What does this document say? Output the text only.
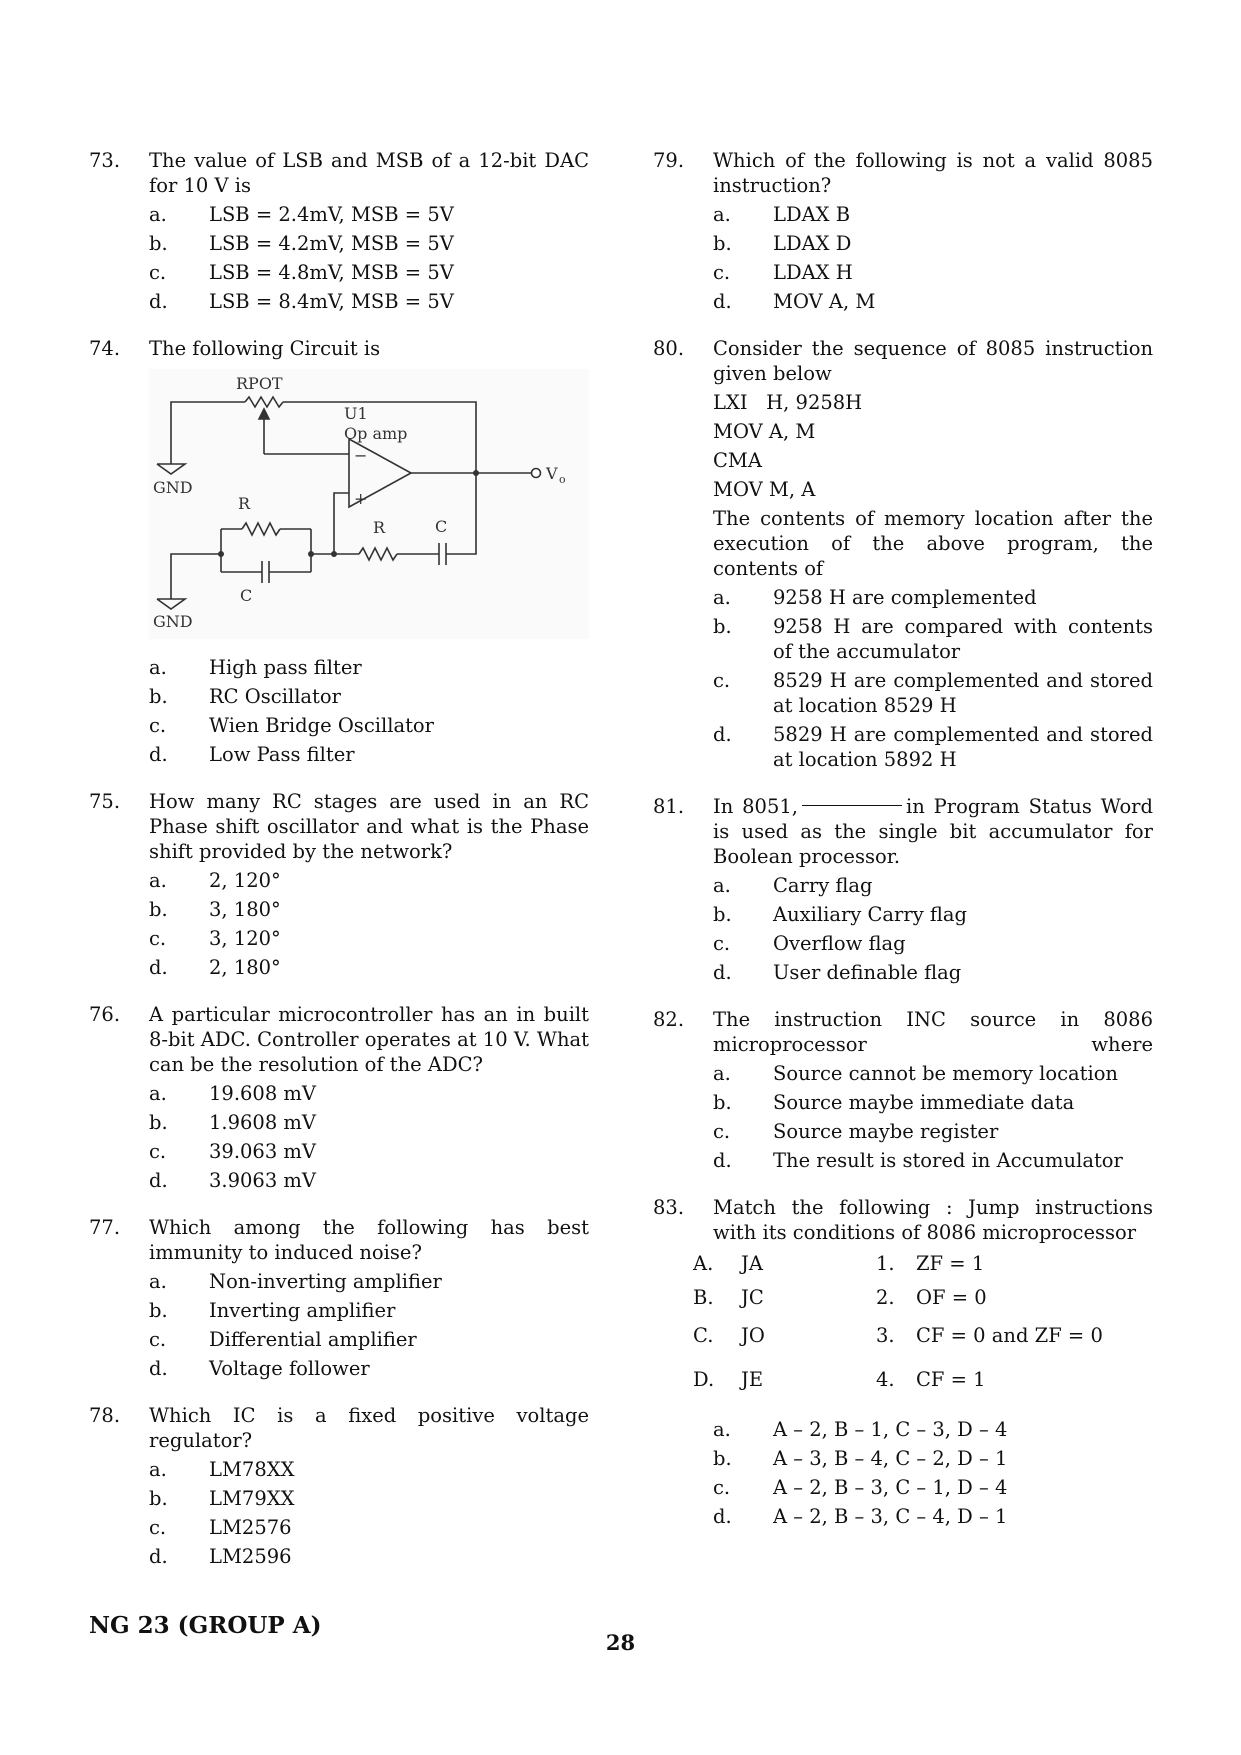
73. The value of LSB and MSB of a 12-bit DAC for 10 V is
a.	LSB = 2.4mV, MSB = 5V
b.	LSB = 4.2mV, MSB = 5V
c.	LSB = 4.8mV, MSB = 5V
d.	LSB = 8.4mV, MSB = 5V
74. The following Circuit is
RPOT
U1
Op amp
GND
GND
R
R	C
C
−
+
V o
a.	High pass filter
b.	RC Oscillator
c.	Wien Bridge Oscillator
d.	Low Pass filter
75. How many RC stages are used in an RC Phase shift oscillator and what is the Phase shift provided by the network?
a.	2, 120°
b.	3, 180°
c.	3, 120°
d.	2, 180°
76. A particular microcontroller has an in built 8-bit ADC. Controller operates at 10 V. What can be the resolution of the ADC?
a.	19.608 mV
b.	1.9608 mV
c.	39.063 mV
d.	3.9063 mV
77. Which among the following has best immunity to induced noise?
a.	Non-inverting amplifier
b.	Inverting amplifier
c.	Differential amplifier
d.	Voltage follower
78. Which IC is a fixed positive voltage regulator?
a.	LM78XX
b.	LM79XX
c.	LM2576
d.	LM2596
79. Which of the following is not a valid 8085 instruction?
a.	LDAX B
b.	LDAX D
c.	LDAX H
d.	MOV A, M
80. Consider the sequence of 8085 instruction given below
LXI   H, 9258H
MOV A, M
CMA
MOV M, A
The contents of memory location after the execution of the above program, the contents of
a.	9258 H are complemented
b.	9258 H are compared with contents of the accumulator
c.	8529 H are complemented and stored at location 8529 H
d.	5829 H are complemented and stored at location 5892 H
81. In 8051,	in Program Status Word is used as the single bit accumulator for Boolean processor.
a.	Carry flag
b.	Auxiliary Carry flag
c.	Overflow flag
d.	User definable flag
82. The instruction INC source in 8086 microprocessor where
a.	Source cannot be memory location
b.	Source maybe immediate data
c.	Source maybe register
d.	The result is stored in Accumulator
83. Match the following : Jump instructions with its conditions of 8086 microprocessor
A.	JA	1.	ZF = 1
B.	JC	2.	OF = 0
C.	JO	3.	CF = 0 and ZF = 0
D.	JE	4.	CF = 1
a.	A – 2, B – 1, C – 3, D – 4
b.	A – 3, B – 4, C – 2, D – 1
c.	A – 2, B – 3, C – 1, D – 4
d.	A – 2, B – 3, C – 4, D – 1
NG 23 (GROUP A)
28
